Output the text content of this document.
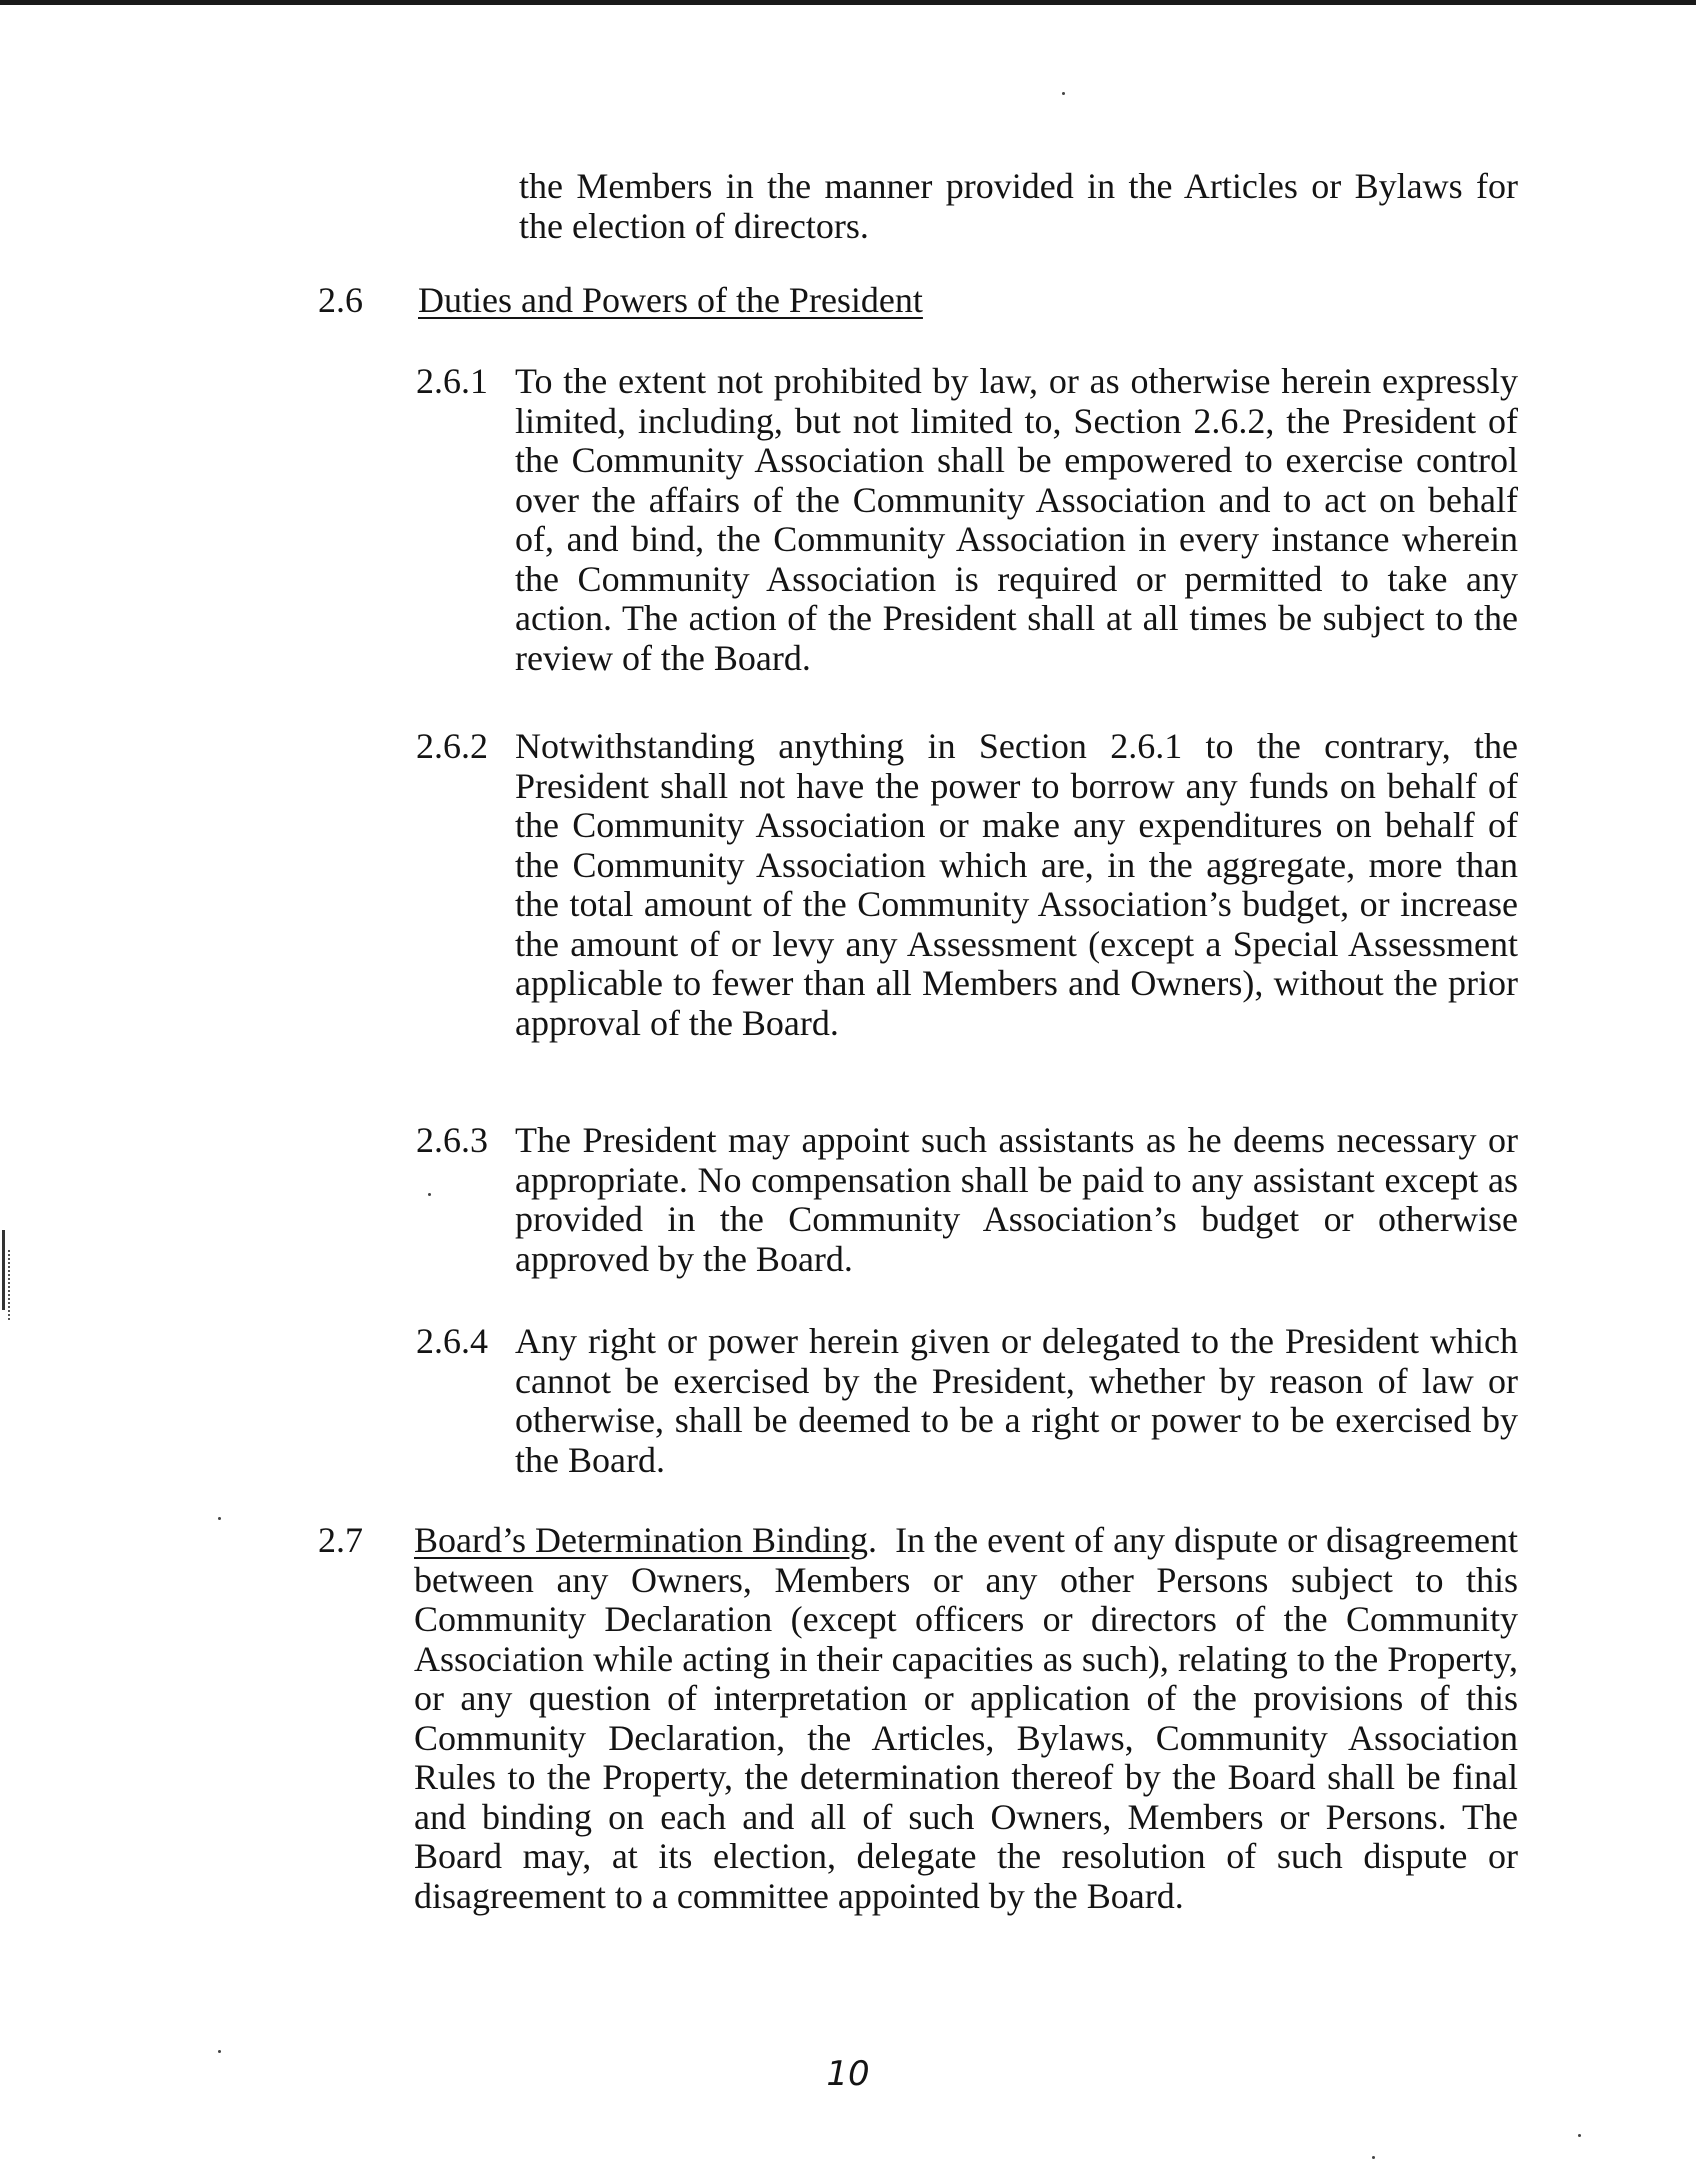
the Members in the manner provided in the Articles or Bylaws for the election of directors.
2.6 Duties and Powers of the President
2.6.1 To the extent not prohibited by law, or as otherwise herein expressly limited, including, but not limited to, Section 2.6.2, the President of the Community Association shall be empowered to exercise control over the affairs of the Community Association and to act on behalf of, and bind, the Community Association in every instance wherein the Community Association is required or permitted to take any action. The action of the President shall at all times be subject to the review of the Board.
2.6.2 Notwithstanding anything in Section 2.6.1 to the contrary, the President shall not have the power to borrow any funds on behalf of the Community Association or make any expenditures on behalf of the Community Association which are, in the aggregate, more than the total amount of the Community Association’s budget, or increase the amount of or levy any Assessment (except a Special Assessment applicable to fewer than all Members and Owners), without the prior approval of the Board.
2.6.3 The President may appoint such assistants as he deems necessary or appropriate. No compensation shall be paid to any assistant except as provided in the Community Association’s budget or otherwise approved by the Board.
2.6.4 Any right or power herein given or delegated to the President which cannot be exercised by the President, whether by reason of law or otherwise, shall be deemed to be a right or power to be exercised by the Board.
2.7 Board’s Determination Binding. In the event of any dispute or disagreement between any Owners, Members or any other Persons subject to this Community Declaration (except officers or directors of the Community Association while acting in their capacities as such), relating to the Property, or any question of interpretation or application of the provisions of this Community Declaration, the Articles, Bylaws, Community Association Rules to the Property, the determination thereof by the Board shall be final and binding on each and all of such Owners, Members or Persons. The Board may, at its election, delegate the resolution of such dispute or disagreement to a committee appointed by the Board.
10
